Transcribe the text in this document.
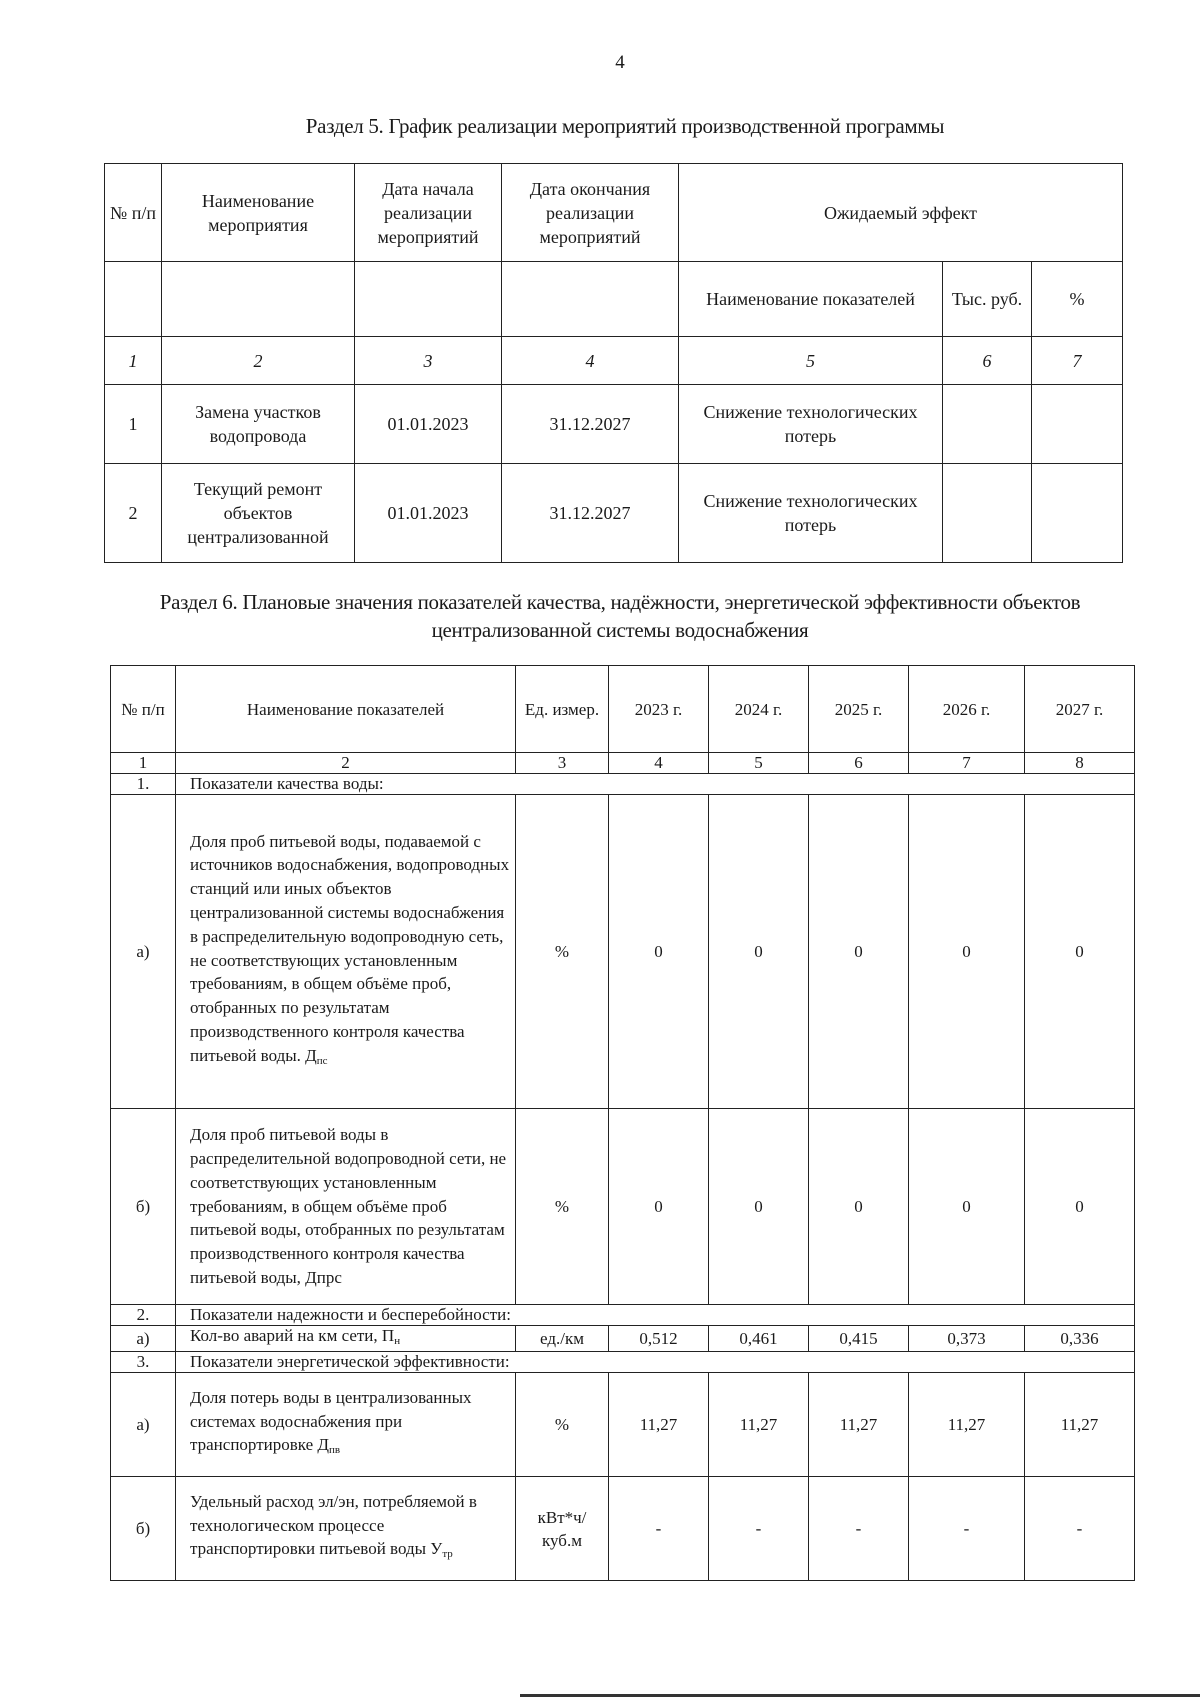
4
Раздел 5. График реализации мероприятий производственной программы
№ п/п	Наименование мероприятия	Дата начала реализации мероприятий	Дата окончания реализации мероприятий	Ожидаемый эффект		
				Наименование показателей	Тыс. руб.	%
1	2	3	4	5	6	7
1	Замена участков водопровода	01.01.2023	31.12.2027	Снижение технологических потерь		
2	Текущий ремонт объектов централизованной	01.01.2023	31.12.2027	Снижение технологических потерь		
Раздел 6. Плановые значения показателей качества, надёжности, энергетической эффективности объектов
централизованной системы водоснабжения
№ п/п	Наименование показателей	Ед. измер.	2023 г.	2024 г.	2025 г.	2026 г.	2027 г.
1	2	3	4	5	6	7	8
1.	Показатели качества воды:						
а)	Доля проб питьевой воды, подаваемой с источников водоснабжения, водопроводных станций или иных объектов централизованной системы водоснабжения в распределительную водопроводную сеть, не соответствующих установленным требованиям, в общем объёме проб, отобранных по результатам производственного контроля качества питьевой воды. $Д_{пс}$	%	0	0	0	0	0
б)	Доля проб питьевой воды в распределительной водопроводной сети, не соответствующих установленным требованиям, в общем объёме проб питьевой воды, отобранных по результатам производственного контроля качества питьевой воды, Дпрс	%	0	0	0	0	0
2.	Показатели надежности и бесперебойности:						
а)	Кол-во аварий на км сети, $П_н$	ед./км	0,512	0,461	0,415	0,373	0,336
3.	Показатели энергетической эффективности:						
а)	Доля потерь воды в централизованных системах водоснабжения при транспортировке $Д_{пв}$	%	11,27	11,27	11,27	11,27	11,27
б)	Удельный расход эл/эн, потребляемой в технологическом процессе транспортировки питьевой воды $У_{тр}$	кВт*ч/ куб.м	-	-	-	-	-
